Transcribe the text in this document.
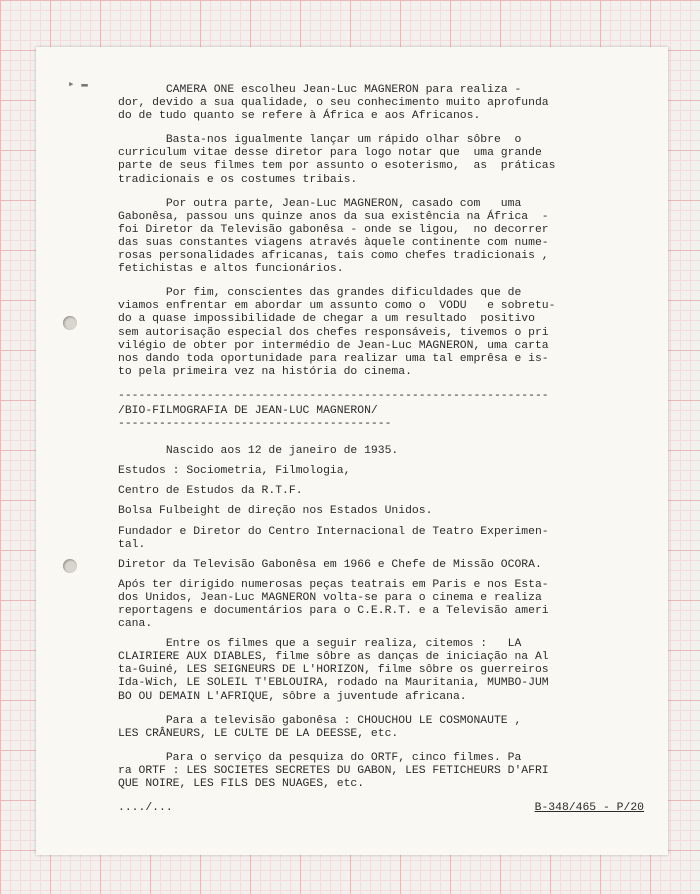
▸ ▬	CAMERA ONE escolheu Jean-Luc MAGNERON para realiza -
dor, devido a sua qualidade, o seu conhecimento muito aprofunda
do de tudo quanto se refere à África e aos Africanos.

Basta-nos igualmente lançar um rápido olhar sôbre  o
curriculum vitae desse diretor para logo notar que  uma grande
parte de seus filmes tem por assunto o esoterismo,  as  práticas
tradicionais e os costumes tribais.

Por outra parte, Jean-Luc MAGNERON, casado com   uma
Gabonêsa, passou uns quinze anos da sua existência na África  -
foi Diretor da Televisão gabonêsa - onde se ligou,  no decorrer
das suas constantes viagens através àquele continente com nume-
rosas personalidades africanas, tais como chefes tradicionais ,
fetichistas e altos funcionários.

Por fim, conscientes das grandes dificuldades que de
viamos enfrentar em abordar um assunto como o  VODU   e sobretu-
do a quase impossibilidade de chegar a um resultado  positivo
sem autorisação especial dos chefes responsáveis, tivemos o pri
vilégio de obter por intermédio de Jean-Luc MAGNERON, uma carta
nos dando toda oportunidade para realizar uma tal emprêsa e is-
to pela primeira vez na história do cinema.

---------------------------------------------------------------
/BIO-FILMOGRAFIA DE JEAN-LUC MAGNERON/
----------------------------------------

Nascido aos 12 de janeiro de 1935.

Estudos : Sociometria, Filmologia,

Centro de Estudos da R.T.F.

Bolsa Fulbeight de direção nos Estados Unidos.

Fundador e Diretor do Centro Internacional de Teatro Experimen-
tal.

Diretor da Televisão Gabonêsa em 1966 e Chefe de Missão OCORA.

Após ter dirigido numerosas peças teatrais em Paris e nos Esta-
dos Unidos, Jean-Luc MAGNERON volta-se para o cinema e realiza
reportagens e documentários para o C.E.R.T. e a Televisão ameri
cana.

Entre os filmes que a seguir realiza, citemos :   LA
CLAIRIERE AUX DIABLES, filme sôbre as danças de iniciação na Al
ta-Guiné, LES SEIGNEURS DE L'HORIZON, filme sôbre os guerreiros
Ida-Wich, LE SOLEIL T'EBLOUIRA, rodado na Mauritania, MUMBO-JUM
BO OU DEMAIN L'AFRIQUE, sôbre a juventude africana.

Para a televisão gabonêsa : CHOUCHOU LE COSMONAUTE ,
LES CRÂNEURS, LE CULTE DE LA DEESSE, etc.

Para o serviço da pesquiza do ORTF, cinco filmes. Pa
ra ORTF : LES SOCIETES SECRETES DU GABON, LES FETICHEURS D'AFRI
QUE NOIRE, LES FILS DES NUAGES, etc.

..../...	B-348/465 - P/20
